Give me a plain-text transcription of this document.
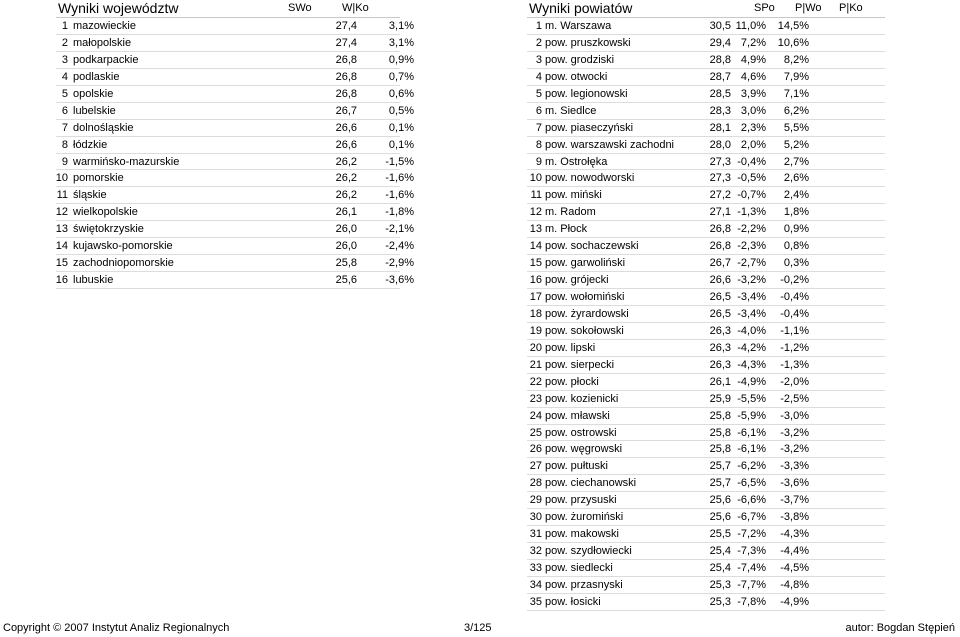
Wyniki województw	SWo	W|Ko
1 mazowieckie	27,4	3,1%
2 małopolskie	27,4	3,1%
3 podkarpackie	26,8	0,9%
4 podlaskie	26,8	0,7%
5 opolskie	26,8	0,6%
6 lubelskie	26,7	0,5%
7 dolnośląskie	26,6	0,1%
8 łódzkie	26,6	0,1%
9 warmińsko-mazurskie	26,2	-1,5%
10 pomorskie	26,2	-1,6%
11 śląskie	26,2	-1,6%
12 wielkopolskie	26,1	-1,8%
13 świętokrzyskie	26,0	-2,1%
14 kujawsko-pomorskie	26,0	-2,4%
15 zachodniopomorskie	25,8	-2,9%
16 lubuskie	25,6	-3,6%
Wyniki powiatów	SPo P|Wo P|Ko
1 m. Warszawa	30,5 11,0% 14,5%
2 pow. pruszkowski	29,4 7,2% 10,6%
3 pow. grodziski	28,8 4,9% 8,2%
4 pow. otwocki	28,7 4,6% 7,9%
5 pow. legionowski	28,5 3,9% 7,1%
6 m. Siedlce	28,3 3,0% 6,2%
7 pow. piaseczyński	28,1 2,3% 5,5%
8 pow. warszawski zachodni	28,0 2,0% 5,2%
9 m. Ostrołęka	27,3 -0,4% 2,7%
10 pow. nowodworski	27,3 -0,5% 2,6%
11 pow. miński	27,2 -0,7% 2,4%
12 m. Radom	27,1 -1,3% 1,8%
13 m. Płock	26,8 -2,2% 0,9%
14 pow. sochaczewski	26,8 -2,3% 0,8%
15 pow. garwoliński	26,7 -2,7% 0,3%
16 pow. grójecki	26,6 -3,2% -0,2%
17 pow. wołomiński	26,5 -3,4% -0,4%
18 pow. żyrardowski	26,5 -3,4% -0,4%
19 pow. sokołowski	26,3 -4,0% -1,1%
20 pow. lipski	26,3 -4,2% -1,2%
21 pow. sierpecki	26,3 -4,3% -1,3%
22 pow. płocki	26,1 -4,9% -2,0%
23 pow. kozienicki	25,9 -5,5% -2,5%
24 pow. mławski	25,8 -5,9% -3,0%
25 pow. ostrowski	25,8 -6,1% -3,2%
26 pow. węgrowski	25,8 -6,1% -3,2%
27 pow. pułtuski	25,7 -6,2% -3,3%
28 pow. ciechanowski	25,7 -6,5% -3,6%
29 pow. przysuski	25,6 -6,6% -3,7%
30 pow. żuromiński	25,6 -6,7% -3,8%
31 pow. makowski	25,5 -7,2% -4,3%
32 pow. szydłowiecki	25,4 -7,3% -4,4%
33 pow. siedlecki	25,4 -7,4% -4,5%
34 pow. przasnyski	25,3 -7,7% -4,8%
35 pow. łosicki	25,3 -7,8% -4,9%
Copyright © 2007 Instytut Analiz Regionalnych	3/125	autor: Bogdan Stępień
